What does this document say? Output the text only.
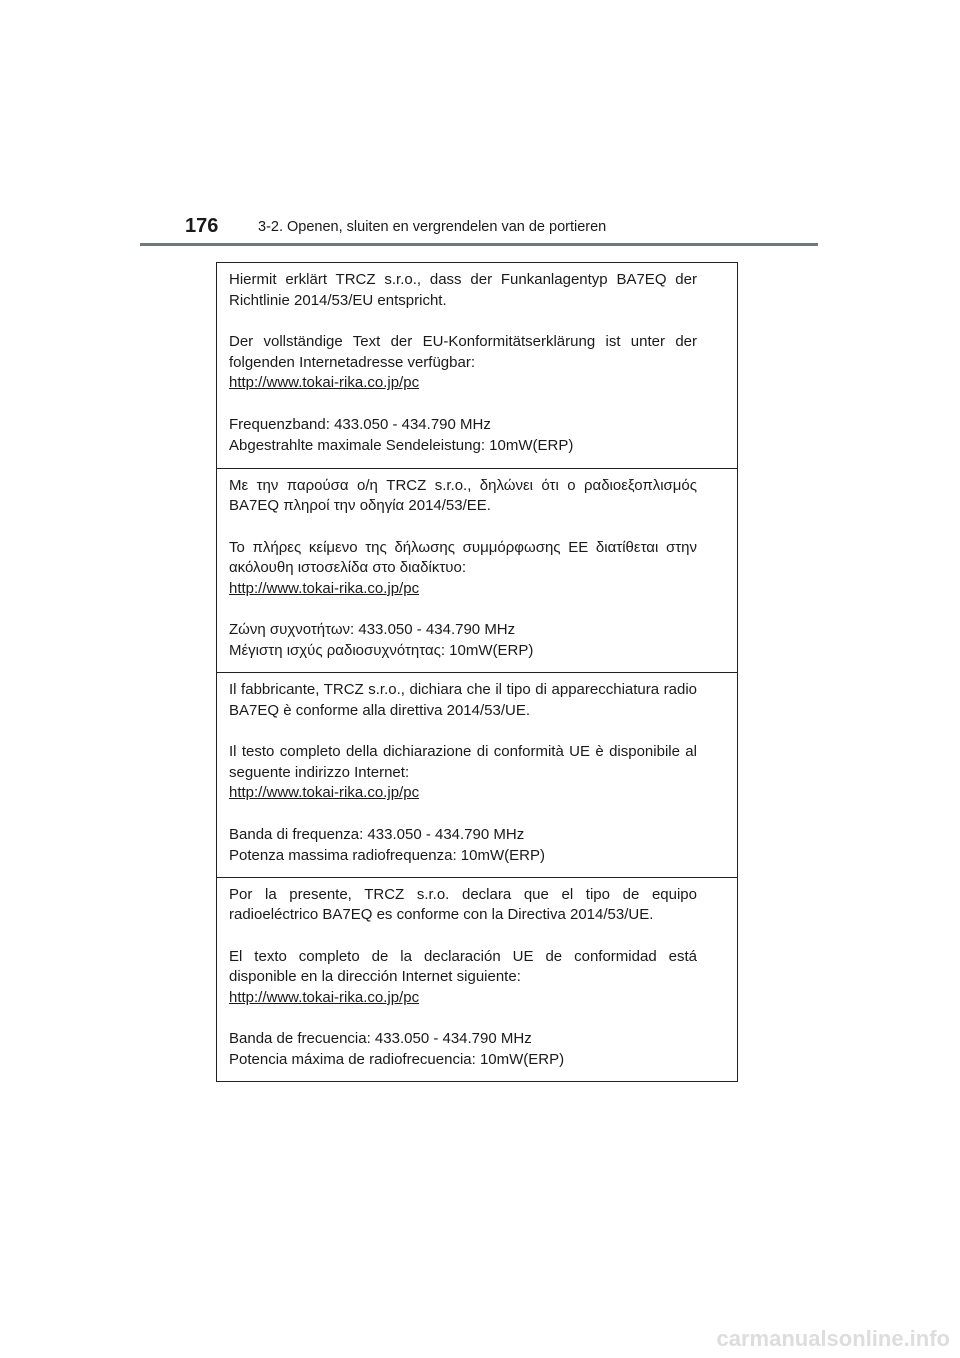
176	3-2. Openen, sluiten en vergrendelen van de portieren

Hiermit erklärt TRCZ s.r.o., dass der Funkanlagentyp BA7EQ der Richtlinie 2014/53/EU entspricht.

Der vollständige Text der EU-Konformitätserklärung ist unter der folgenden Internetadresse verfügbar:

http://www.tokai-rika.co.jp/pc

Frequenzband: 433.050 - 434.790 MHz
Abgestrahlte maximale Sendeleistung: 10mW(ERP)

Με την παρούσα ο/η TRCZ s.r.o., δηλώνει ότι ο ραδιοεξοπλισμός BA7EQ πληροί την οδηγία 2014/53/ΕΕ.

Το πλήρες κείμενο της δήλωσης συμμόρφωσης ΕΕ διατίθεται στην ακόλουθη ιστοσελίδα στο διαδίκτυο:

http://www.tokai-rika.co.jp/pc

Ζώνη συχνοτήτων: 433.050 - 434.790 MHz
Μέγιστη ισχύς ραδιοσυχνότητας: 10mW(ERP)

Il fabbricante, TRCZ s.r.o., dichiara che il tipo di apparecchiatura radio BA7EQ è conforme alla direttiva 2014/53/UE.

Il testo completo della dichiarazione di conformità UE è disponibile al seguente indirizzo Internet:

http://www.tokai-rika.co.jp/pc

Banda di frequenza: 433.050 - 434.790 MHz
Potenza massima radiofrequenza: 10mW(ERP)

Por la presente, TRCZ s.r.o. declara que el tipo de equipo radioeléctrico BA7EQ es conforme con la Directiva 2014/53/UE.

El texto completo de la declaración UE de conformidad está disponible en la dirección Internet siguiente:

http://www.tokai-rika.co.jp/pc

Banda de frecuencia: 433.050 - 434.790 MHz
Potencia máxima de radiofrecuencia: 10mW(ERP)

carmanualsonline.info
